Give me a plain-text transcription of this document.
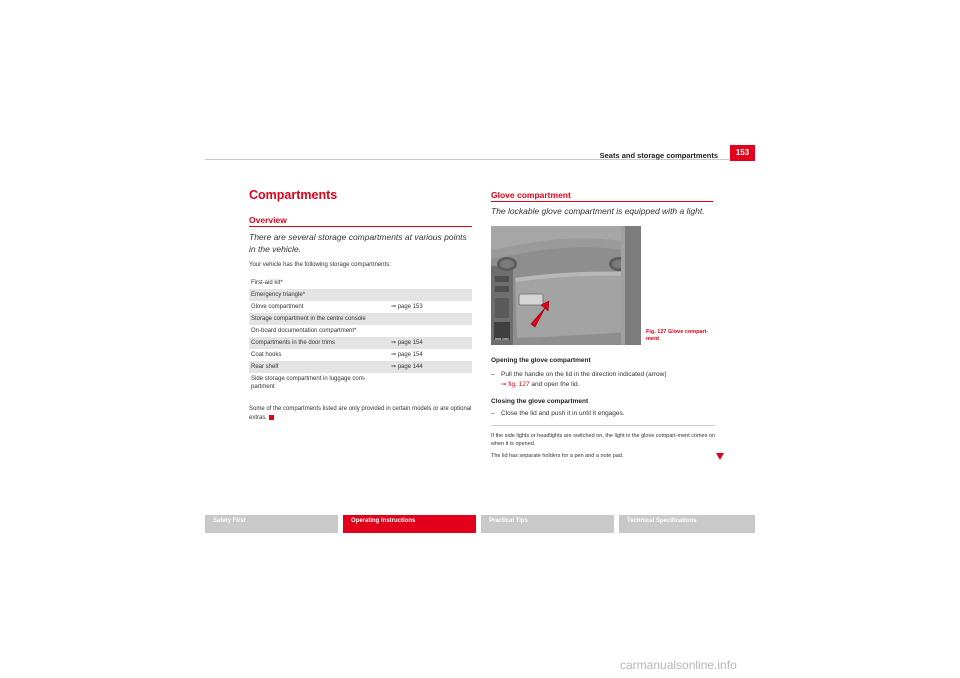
Seats and storage compartments	153
Compartments
Overview
There are several storage compartments at various points in the vehicle.
Your vehicle has the following storage compartments:
First-aid kit*
Emergency triangle*
Glove compartment	⇒ page 153
Storage compartment in the centre console
On-board documentation compartment*
Compartments in the door trims	⇒ page 154
Coat hooks	⇒ page 154
Rear shelf	⇒ page 144
Side storage compartment in luggage com-partment
Some of the compartments listed are only provided in certain models or are optional extras.
Glove compartment
The lockable glove compartment is equipped with a light.
B5M-0065
Fig. 127 Glove compart-ment
Opening the glove compartment
– Pull the handle on the lid in the direction indicated (arrow)
⇒ fig. 127 and open the lid.
Closing the glove compartment
– Close the lid and push it in until it engages.
If the side lights or headlights are switched on, the light in the glove compart-ment comes on when it is opened.
The lid has separate holders for a pen and a note pad.
Safety First	Operating Instructions	Practical Tips	Technical Specifications
carmanualsonline.info
